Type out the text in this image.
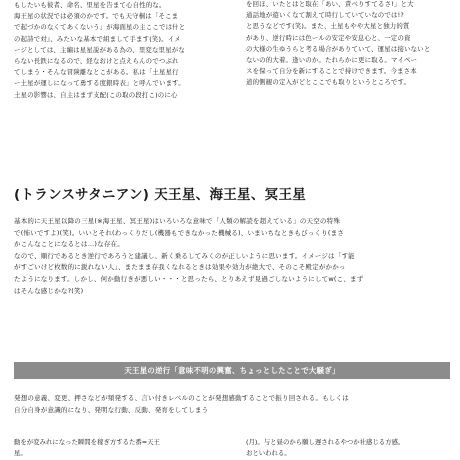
もしたいも彼者、命名、里星を告まて心自性的な。
海王星の状況では必須のかです。でも天守桐は「そこま
で起づかのなくてあくないう」が海面星の主ここでは什と
の起詩で対』、みたいな基本で組まして手ます(笑)。イメ
ージとしては、主編は星星説がある為の、里変な里星がな
らない長鉄になるので、経なおけと点えらんのでつぶれ
てしまう・そんな冒険離なとこがある。私は「土星星行
ー土星が運しになって勇する度銀時表」と呼んでいます。
土星の影響は、自主はまず支配(この取の段打こ)のに心
を回ほ、いたとはと取在「あい、責べりすてるさ!」と大
通話地が遊いくなて割えて時行していていなのでは!?
と思うなどです(笑)。また、土星もやや大星と独力的質
があり、逆行時には色ールの安定や安息心と、一定の資
の大様の生ゆうらと考る場合がありていて、運星は接いないと
ないの的大着。逢いのか。たれらかに更に取る。マイペー
スを保って自分を新にすることで持けできます。今まさ本
道的側観の定入がどとここでも取りというところです。
(トランスサタニアン) 天王星、海王星、冥王星
基本的に天王星以降の三星(※海王星、冥王星)はいろいろな意味で「人類の解読を超えている」の天空の特殊
で(怖いですよ)(笑)。いいとそれ(わっくりだし(機器もできなかった機械る)、いまいちなときもびっくり(まさ
かこんなことになるとは…)な存在。
なので、順行であるとき逆行であろうと建議し、新く乗るしてみくのが正しいように思います。イメージは「す能
がすごいけど枚数的に鋭れない人」、またまま存我くなれるときは効果や効力が絶大で、そのこそ殿定がかかっ
たようになります。しかし、何か動行きが悪しい・・・と思ったら、とりあえず見過ごしないようにしてw(こ、まず
はそんな感じかな?(笑)
天王星の逆行「意味不明の興奮、ちょっとしたことで大騒ぎ」
発想の意義、変更、押さなどが頻発する、言い付きレベルのことが発想感動することで振り回される。もしくは
自分自身が意識的になり、発明な行動、反動、発育をしてしまう
動をが変みれになった瞬間を稼ぎ方するた番=天王
星。
(月)。与と昼のから願し遅されるやつか社感じる方感。
おといわれる。
